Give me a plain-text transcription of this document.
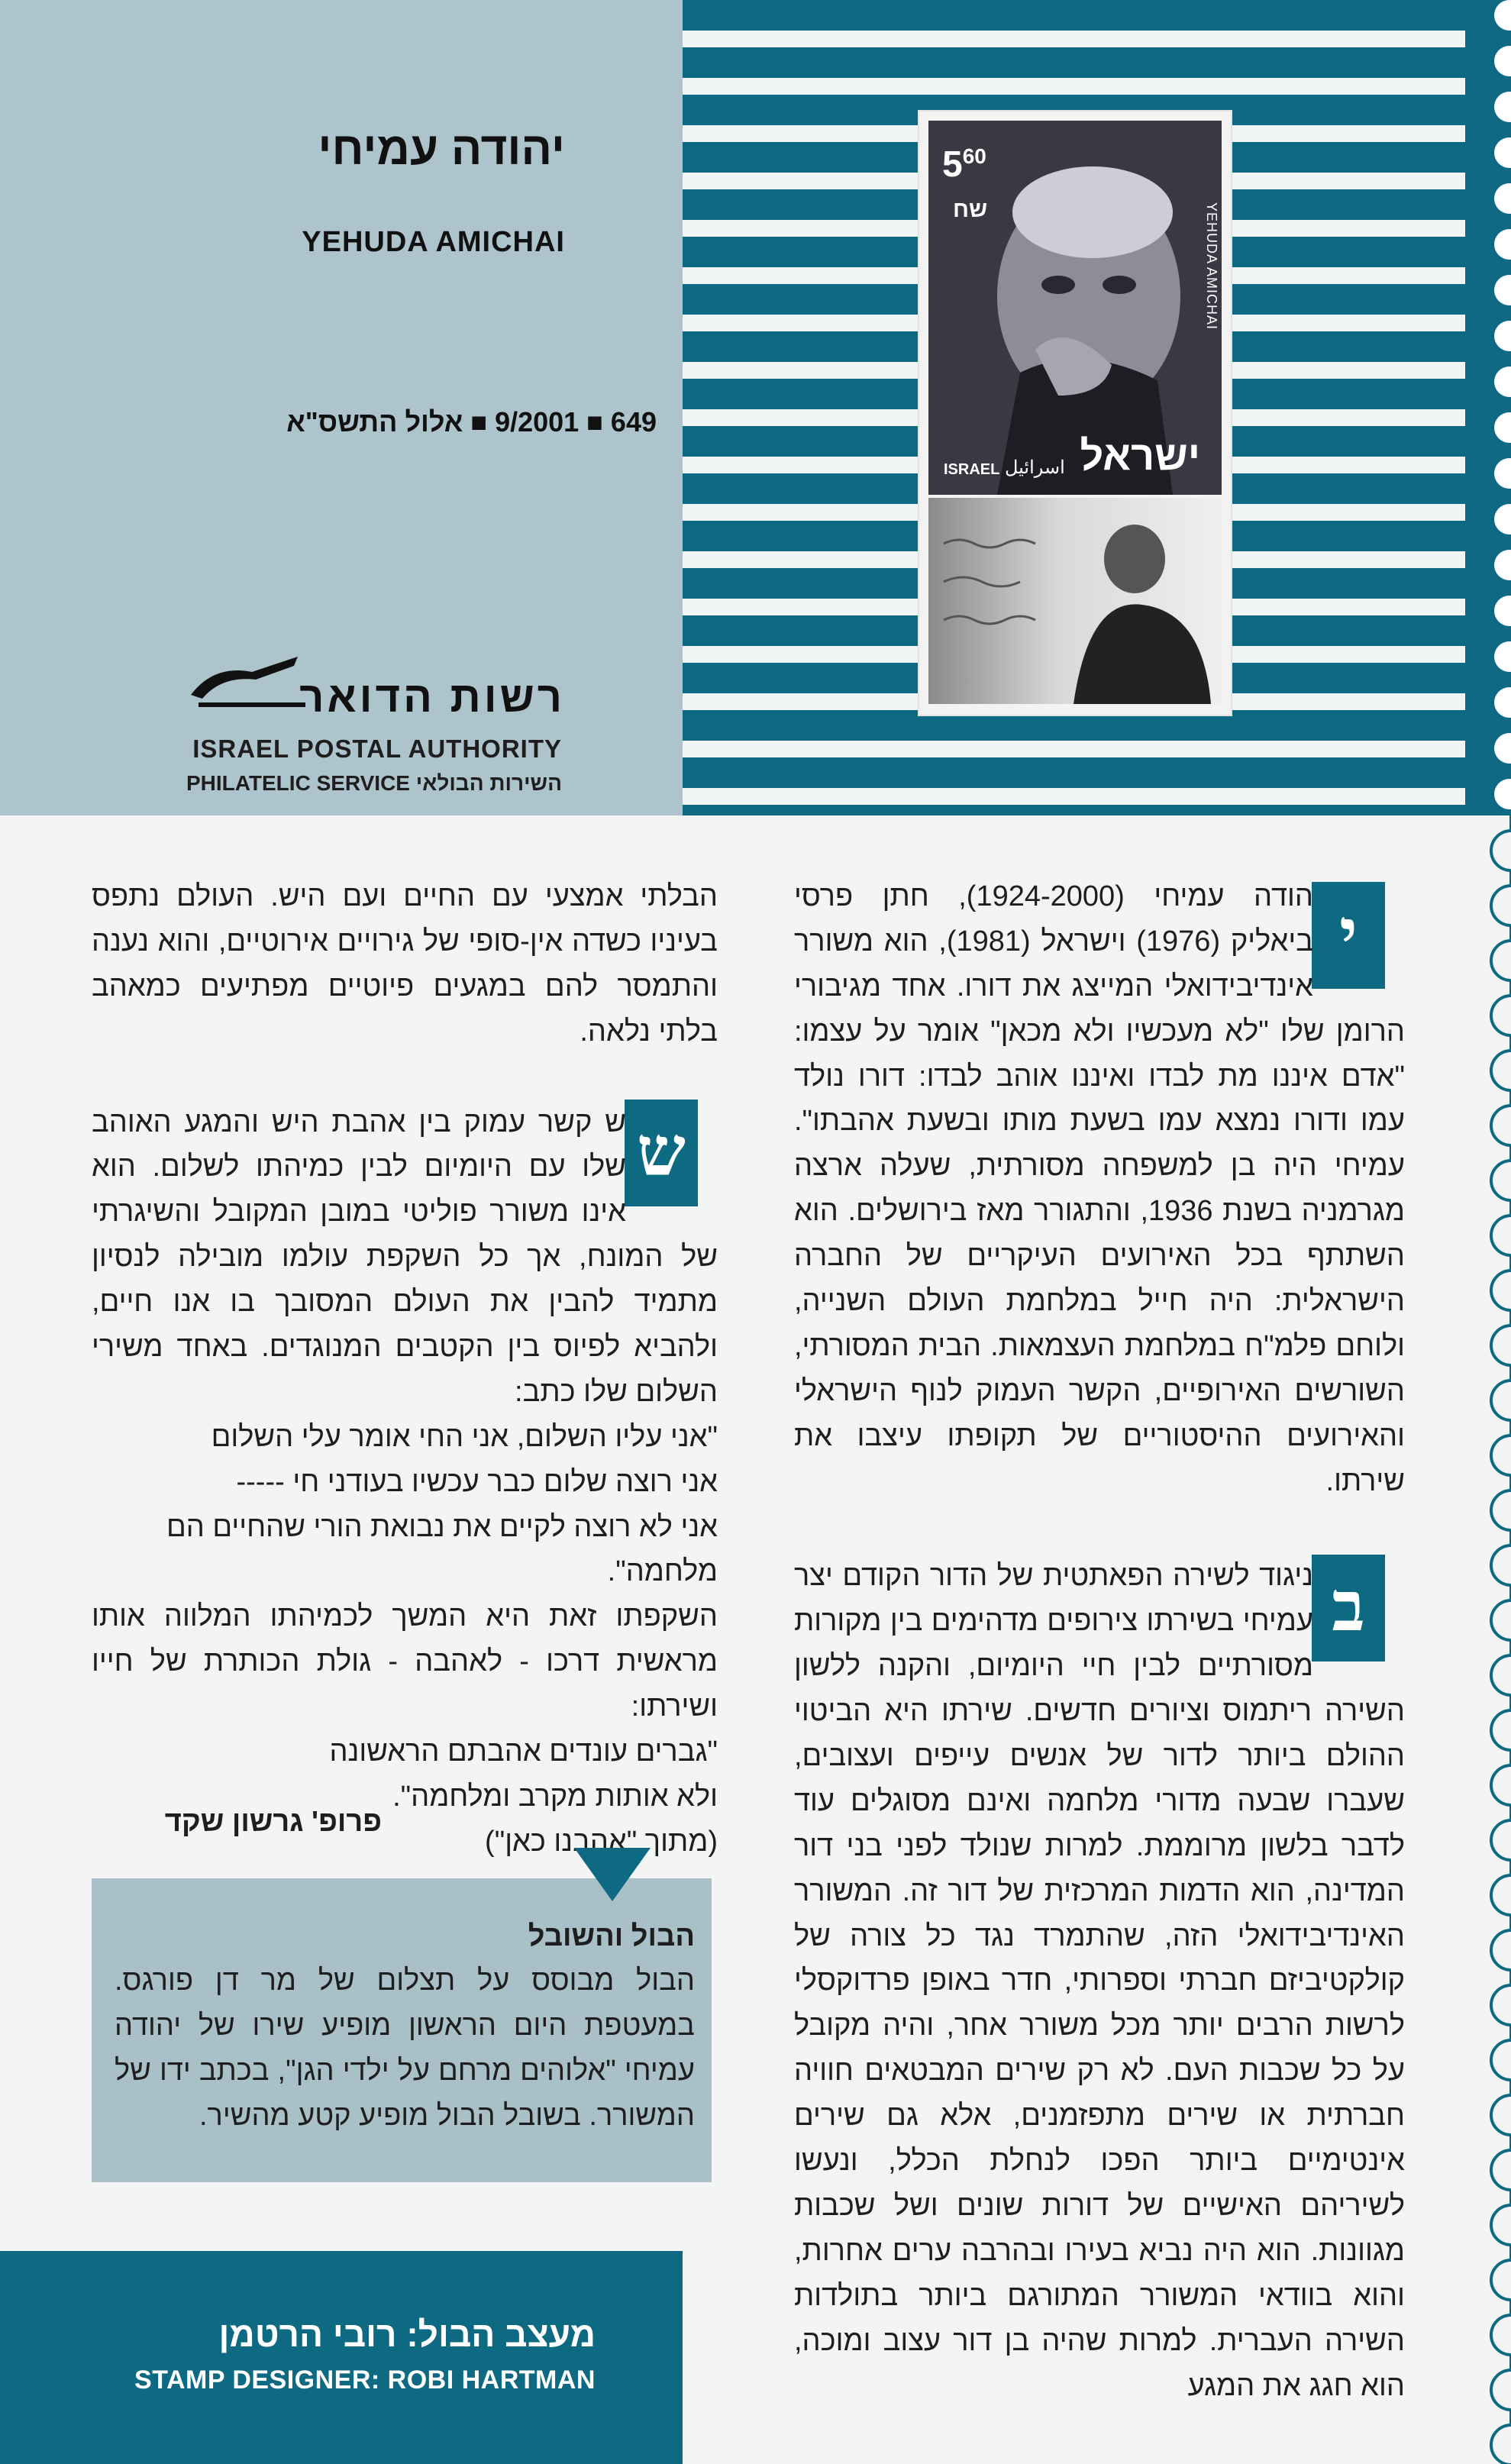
יהודה עמיחי
YEHUDA AMICHAI
649 ■ 9/2001 ■ אלול התשס"א
רשות הדואר
ISRAEL POSTAL AUTHORITY
PHILATELIC SERVICE השירות הבולאי
$5^{60}$
שח
ישראל
اسرائيل
ISRAEL
YEHUDA AMICHAI
י
ש
ב

הודה עמיחי (1924-2000), חתן פרסי ביאליק (1976) וישראל (1981), הוא משורר אינדיבידואלי המייצג את דורו. אחד מגיבורי הרומן שלו "לא מעכשיו ולא מכאן" אומר על עצמו: "אדם איננו מת לבדו ואיננו אוהב לבדו: דורו נולד עמו ודורו נמצא עמו בשעת מותו ובשעת אהבתו". עמיחי היה בן למשפחה מסורתית, שעלה ארצה מגרמניה בשנת 1936, והתגורר מאז בירושלים. הוא השתתף בכל האירועים העיקריים של החברה הישראלית: היה חייל במלחמת העולם השנייה, ולוחם פלמ"ח במלחמת העצמאות. הבית המסורתי, השורשים האירופיים, הקשר העמוק לנוף הישראלי והאירועים ההיסטוריים של תקופתו עיצבו את שירתו.

ניגוד לשירה הפאתטית של הדור הקודם יצר עמיחי בשירתו צירופים מדהימים בין מקורות מסורתיים לבין חיי היומיום, והקנה ללשון השירה ריתמוס וציורים חדשים. שירתו היא הביטוי ההולם ביותר לדור של אנשים עייפים ועצובים, שעברו שבעה מדורי מלחמה ואינם מסוגלים עוד לדבר בלשון מרוממת. למרות שנולד לפני בני דור המדינה, הוא הדמות המרכזית של דור זה. המשורר האינדיבידואלי הזה, שהתמרד נגד כל צורה של קולקטיביזם חברתי וספרותי, חדר באופן פרדוקסלי לרשות הרבים יותר מכל משורר אחר, והיה מקובל על כל שכבות העם. לא רק שירים המבטאים חוויה חברתית או שירים מתפזמנים, אלא גם שירים אינטימיים ביותר הפכו לנחלת הכלל, ונעשו לשיריהם האישיים של דורות שונים ושל שכבות מגוונות. הוא היה נביא בעירו ובהרבה ערים אחרות, והוא בוודאי המשורר המתורגם ביותר בתולדות השירה העברית. למרות שהיה בן דור עצוב ומוכה, הוא חגג את המגע

הבלתי אמצעי עם החיים ועם היש. העולם נתפס בעיניו כשדה אין-סופי של גירויים אירוטיים, והוא נענה והתמסר להם במגעים פיוטיים מפתיעים כמאהב בלתי נלאה.

ש קשר עמוק בין אהבת היש והמגע האוהב שלו עם היומיום לבין כמיהתו לשלום. הוא אינו משורר פוליטי במובן המקובל והשיגרתי של המונח, אך כל השקפת עולמו מובילה לנסיון מתמיד להבין את העולם המסובך בו אנו חיים, ולהביא לפיוס בין הקטבים המנוגדים. באחד משירי השלום שלו כתב:

"אני עליו השלום, אני החי אומר עלי השלום

אני רוצה שלום כבר עכשיו בעודני חי -----

אני לא רוצה לקיים את נבואת הורי שהחיים הם מלחמה".

השקפתו זאת היא המשך לכמיהתו המלווה אותו מראשית דרכו - לאהבה - גולת הכותרת של חייו ושירתו:

"גברים עונדים אהבתם הראשונה

ולא אותות מקרב ומלחמה".

(מתוך "אהבנו כאן")

פרופ' גרשון שקד
הבול והשובל
הבול מבוסס על תצלום של מר דן פורגס. במעטפת היום הראשון מופיע שירו של יהודה עמיחי "אלוהים מרחם על ילדי הגן", בכתב ידו של המשורר. בשובל הבול מופיע קטע מהשיר.
מעצב הבול: רובי הרטמן
STAMP DESIGNER: ROBI HARTMAN
